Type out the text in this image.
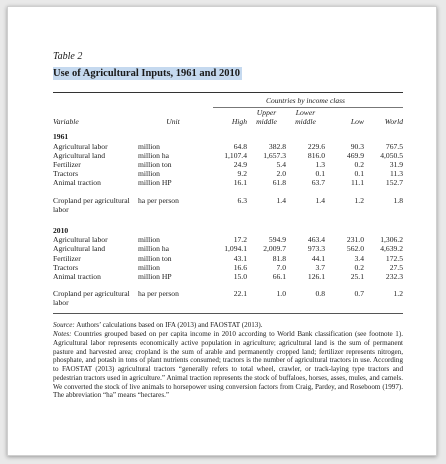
Table 2
Use of Agricultural Inputs, 1961 and 2010
Countries by income class
Variable	Unit	High	Upper middle	Lower middle	Low	World
1961						
Agricultural labor	million	64.8	382.8	229.6	90.3	767.5
Agricultural land	million ha	1,107.4	1,657.3	816.0	469.9	4,050.5
Fertilizer	million ton	24.9	5.4	1.3	0.2	31.9
Tractors	million	9.2	2.0	0.1	0.1	11.3
Animal traction	million HP	16.1	61.8	63.7	11.1	152.7

Cropland per agricultural labor	ha per person	6.3	1.4	1.4	1.2	1.8

2010						
Agricultural labor	million	17.2	594.9	463.4	231.0	1,306.2
Agricultural land	million ha	1,094.1	2,009.7	973.3	562.0	4,639.2
Fertilizer	million ton	43.1	81.8	44.1	3.4	172.5
Tractors	million	16.6	7.0	3.7	0.2	27.5
Animal traction	million HP	15.0	66.1	126.1	25.1	232.3

Cropland per agricultural labor	ha per person	22.1	1.0	0.8	0.7	1.2
Source: Authors’ calculations based on IFA (2013) and FAOSTAT (2013).
Notes: Countries grouped based on per capita income in 2010 according to World Bank classification (see footnote 1). Agricultural labor represents economically active population in agriculture; agricultural land is the sum of permanent pasture and harvested area; cropland is the sum of arable and permanently cropped land; fertilizer represents nitrogen, phosphate, and potash in tons of plant nutrients consumed; tractors is the number of agricultural tractors in use. According to FAOSTAT (2013) agricultural tractors “generally refers to total wheel, crawler, or track-laying type tractors and pedestrian tractors used in agriculture.” Animal traction represents the stock of buffaloes, horses, asses, mules, and camels. We converted the stock of live animals to horsepower using conversion factors from Craig, Pardey, and Roseboom (1997). The abbreviation “ha” means “hectares.”
